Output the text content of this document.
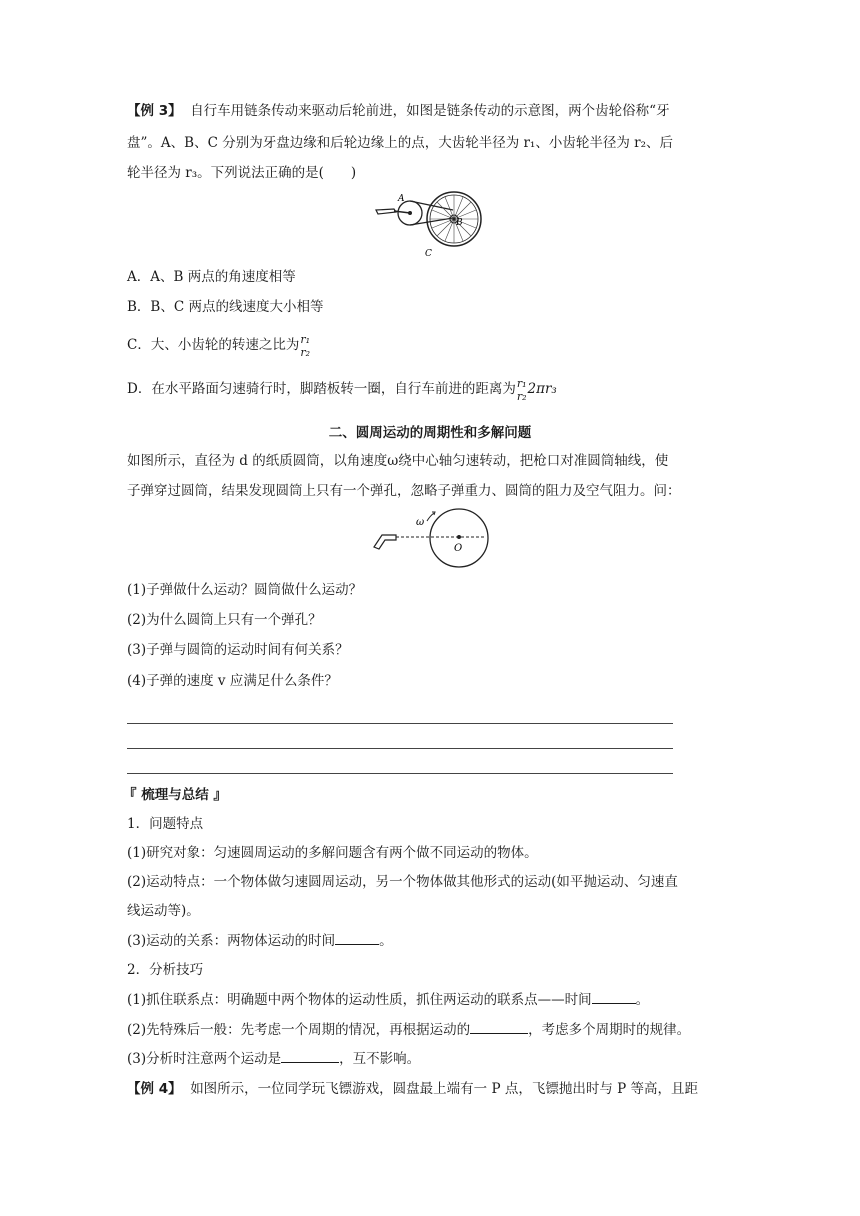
【例 3】 自行车用链条传动来驱动后轮前进，如图是链条传动的示意图，两个齿轮俗称“牙
盘”。A、B、C 分别为牙盘边缘和后轮边缘上的点，大齿轮半径为 r₁、小齿轮半径为 r₂、后
轮半径为 r₃。下列说法正确的是(　　)
A
B
C
A．A、B 两点的角速度相等
B．B、C 两点的线速度大小相等
C．大、小齿轮的转速之比为 r₁
r₂
D．在水平路面匀速骑行时，脚踏板转一圈，自行车前进的距离为 r₁
r₂ 2πr₃
二、圆周运动的周期性和多解问题
如图所示，直径为 d 的纸质圆筒，以角速度ω绕中心轴匀速转动，把枪口对准圆筒轴线，使
子弹穿过圆筒，结果发现圆筒上只有一个弹孔，忽略子弹重力、圆筒的阻力及空气阻力。问：
ω
O
(1)子弹做什么运动？圆筒做什么运动？
(2)为什么圆筒上只有一个弹孔？
(3)子弹与圆筒的运动时间有何关系？
(4)子弹的速度 v 应满足什么条件？
『 梳理与总结 』
1．问题特点
(1)研究对象：匀速圆周运动的多解问题含有两个做不同运动的物体。
(2)运动特点：一个物体做匀速圆周运动，另一个物体做其他形式的运动(如平抛运动、匀速直
线运动等)。
(3)运动的关系：两物体运动的时间	。
2．分析技巧
(1)抓住联系点：明确题中两个物体的运动性质，抓住两运动的联系点——时间	。
(2)先特殊后一般：先考虑一个周期的情况，再根据运动的	，考虑多个周期时的规律。
(3)分析时注意两个运动是	，互不影响。
【例 4】 如图所示，一位同学玩飞镖游戏，圆盘最上端有一 P 点，飞镖抛出时与 P 等高，且距
